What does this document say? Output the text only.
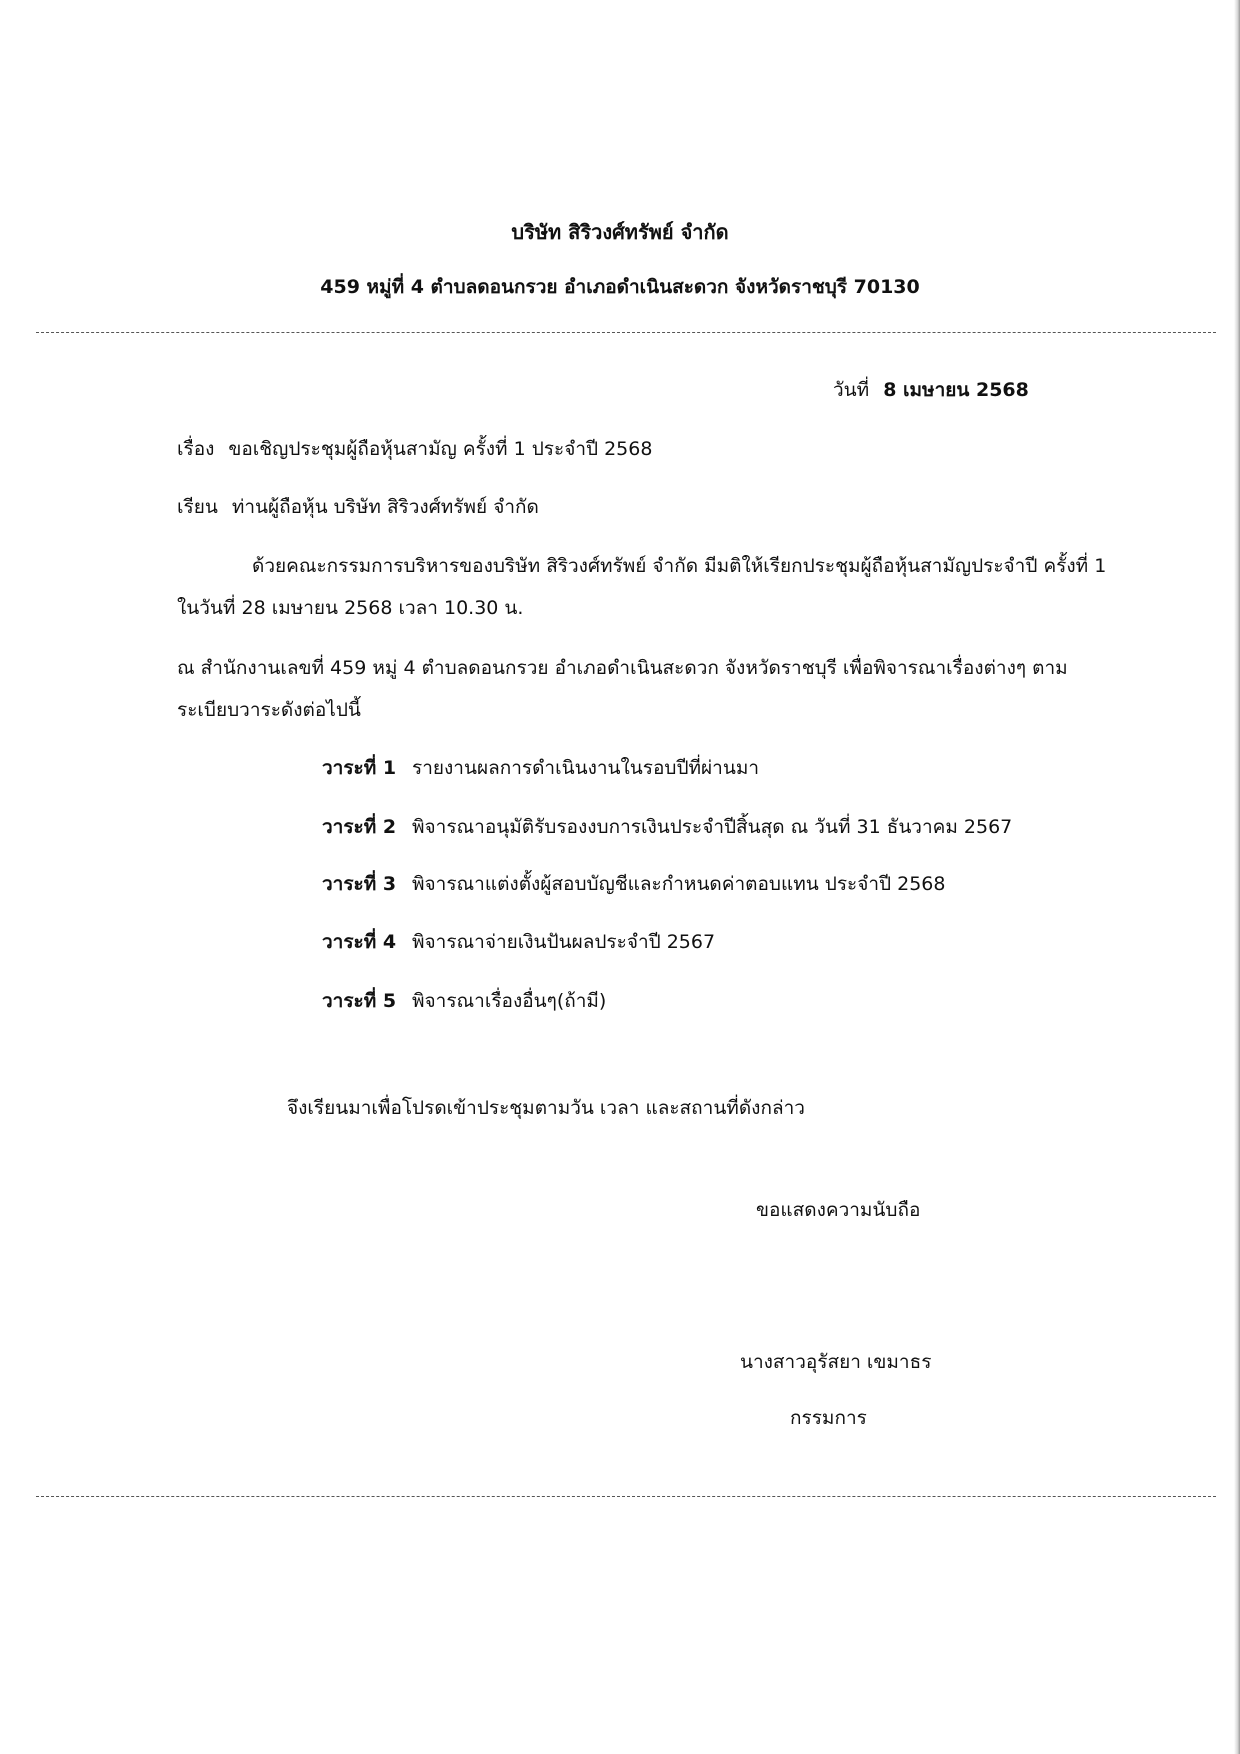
บริษัท สิริวงศ์ทรัพย์ จำกัด
459 หมู่ที่ 4 ตำบลดอนกรวย อำเภอดำเนินสะดวก จังหวัดราชบุรี 70130
วันที่ 8 เมษายน 2568
เรื่อง ขอเชิญประชุมผู้ถือหุ้นสามัญ ครั้งที่ 1 ประจำปี 2568
เรียน ท่านผู้ถือหุ้น บริษัท สิริวงศ์ทรัพย์ จำกัด
ด้วยคณะกรรมการบริหารของบริษัท สิริวงศ์ทรัพย์ จำกัด มีมติให้เรียกประชุมผู้ถือหุ้นสามัญประจำปี ครั้งที่ 1
ในวันที่ 28 เมษายน 2568 เวลา 10.30 น.
ณ สำนักงานเลขที่ 459 หมู่ 4 ตำบลดอนกรวย อำเภอดำเนินสะดวก จังหวัดราชบุรี เพื่อพิจารณาเรื่องต่างๆ ตาม
ระเบียบวาระดังต่อไปนี้
วาระที่ 1 รายงานผลการดำเนินงานในรอบปีที่ผ่านมา
วาระที่ 2 พิจารณาอนุมัติรับรองงบการเงินประจำปีสิ้นสุด ณ วันที่ 31 ธันวาคม 2567
วาระที่ 3 พิจารณาแต่งตั้งผู้สอบบัญชีและกำหนดค่าตอบแทน ประจำปี 2568
วาระที่ 4 พิจารณาจ่ายเงินปันผลประจำปี 2567
วาระที่ 5 พิจารณาเรื่องอื่นๆ(ถ้ามี)
จึงเรียนมาเพื่อโปรดเข้าประชุมตามวัน เวลา และสถานที่ดังกล่าว
ขอแสดงความนับถือ
นางสาวอุรัสยา เขมาธร
กรรมการ
